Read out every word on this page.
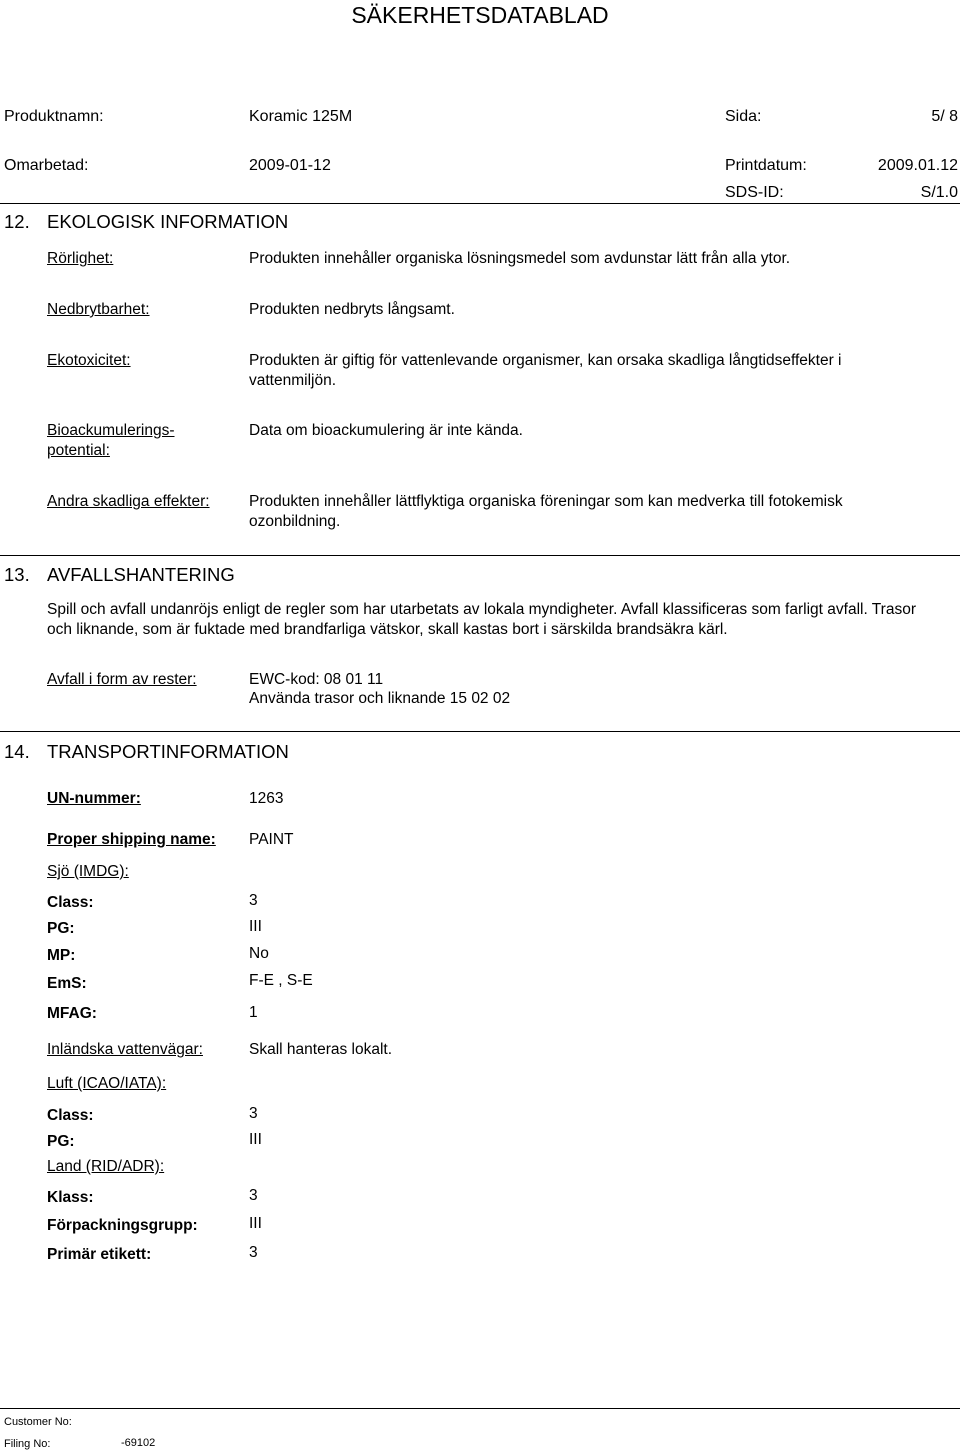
SÄKERHETSDATABLAD
Produktnamn:	Koramic 125M	Sida:	5/ 8
Omarbetad:	2009-01-12	Printdatum:	2009.01.12
SDS-ID:	S/1.0
12. EKOLOGISK INFORMATION
Rörlighet:	Produkten innehåller organiska lösningsmedel som avdunstar lätt från alla ytor.
Nedbrytbarhet:	Produkten nedbryts långsamt.
Ekotoxicitet:	Produkten är giftig för vattenlevande organismer, kan orsaka skadliga långtidseffekter i vattenmiljön.
Bioackumulerings-
potential:
Data om bioackumulering är inte kända.
Andra skadliga effekter:	Produkten innehåller lättflyktiga organiska föreningar som kan medverka till fotokemisk ozonbildning.
13. AVFALLSHANTERING
Spill och avfall undanröjs enligt de regler som har utarbetats av lokala myndigheter. Avfall klassificeras som farligt avfall. Trasor och liknande, som är fuktade med brandfarliga vätskor, skall kastas bort i särskilda brandsäkra kärl.
Avfall i form av rester:	EWC-kod: 08 01 11
Använda trasor och liknande 15 02 02
14. TRANSPORTINFORMATION
UN-nummer:	1263
Proper shipping name: PAINT
Sjö (IMDG):
Class:	3
PG:	III
MP:	No
EmS:	F-E , S-E
MFAG:	1
Inländska vattenvägar:	Skall hanteras lokalt.
Luft (ICAO/IATA):
Class:	3
PG:	III
Land (RID/ADR):
Klass:	3
Förpackningsgrupp:	III
Primär etikett:	3
Customer No:
Filing No:	-69102
